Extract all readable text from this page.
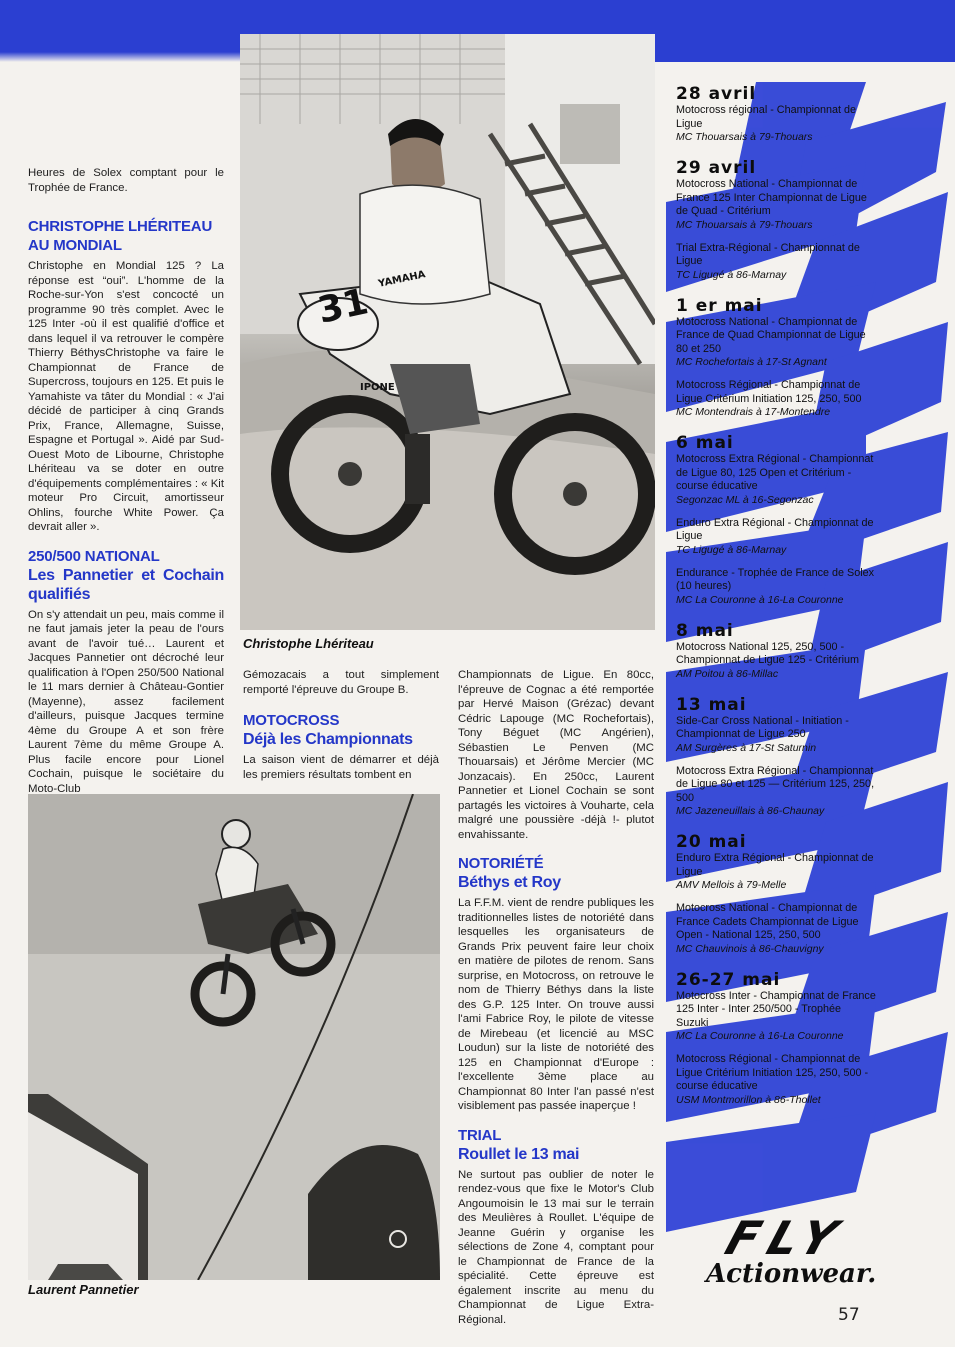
31
YAMAHA
IPONE
Christophe Lhériteau
Laurent Pannetier

Heures de Solex comptant pour le Trophée de France.

CHRISTOPHE LHÉRITEAU
AU MONDIAL

Christophe en Mondial 125 ? La réponse est “oui”. L'homme de la Roche-sur-Yon s'est concocté un programme 90 très complet. Avec le 125 Inter -où il est qualifié d'office et dans lequel il va retrouver le compère Thierry BéthysChristophe va faire le Championnat de France de Supercross, toujours en 125. Et puis le Yamahiste va tâter du Mondial : « J'ai décidé de participer à cinq Grands Prix, France, Allemagne, Suisse, Espagne et Portugal ». Aidé par Sud-Ouest Moto de Libourne, Christophe Lhériteau va se doter en outre d'équipements complémentaires : « Kit moteur Pro Circuit, amortisseur Ohlins, fourche White Power. Ça devrait aller ».

250/500 NATIONAL
Les Pannetier et Cochain qualifiés

On s'y attendait un peu, mais comme il ne faut jamais jeter la peau de l'ours avant de l'avoir tué… Laurent et Jacques Pannetier ont décroché leur qualification à l'Open 250/500 National le 11 mars dernier à Château-Gontier (Mayenne), assez facilement d'ailleurs, puisque Jacques termine 4ème du Groupe A et son frère Laurent 7ème du même Groupe A. Plus facile encore pour Lionel Cochain, puisque le sociétaire du Moto-Club

Gémozacais a tout simplement remporté l'épreuve du Groupe B.

MOTOCROSS
Déjà les Championnats

La saison vient de démarrer et déjà les premiers résultats tombent en

Championnats de Ligue. En 80cc, l'épreuve de Cognac a été remportée par Hervé Maison (Grézac) devant Cédric Lapouge (MC Rochefortais), Tony Béguet (MC Angérien), Sébastien Le Penven (MC Thouarsais) et Jérôme Mercier (MC Jonzacais). En 250cc, Laurent Pannetier et Lionel Cochain se sont partagés les victoires à Vouharte, cela malgré une poussière -déjà !- plutot envahissante.

NOTORIÉTÉ
Béthys et Roy

La F.F.M. vient de rendre publiques les traditionnelles listes de notoriété dans lesquelles les organisateurs de Grands Prix peuvent faire leur choix en matière de pilotes de renom. Sans surprise, en Motocross, on retrouve le nom de Thierry Béthys dans la liste des G.P. 125 Inter. On trouve aussi l'ami Fabrice Roy, le pilote de vitesse de Mirebeau (et licencié au MSC Loudun) sur la liste de notoriété des 125 en Championnat d'Europe : l'excellente 3ème place au Championnat 80 Inter l'an passé n'est visiblement pas passée inaperçue !

TRIAL
Roullet le 13 mai

Ne surtout pas oublier de noter le rendez-vous que fixe le Motor's Club Angoumoisin le 13 mai sur le terrain des Meulières à Roullet. L'équipe de Jeanne Guérin y organise les sélections de Zone 4, comptant pour le Championnat de France de la spécialité. Cette épreuve est également inscrite au menu du Championnat de Ligue Extra-Régional.

28 avril

Motocross régional - Championnat de Ligue

MC Thouarsais à 79-Thouars

29 avril

Motocross National - Championnat de France 125 Inter Championnat de Ligue de Quad - Critérium

MC Thouarsais à 79-Thouars

Trial Extra-Régional - Championnat de Ligue

TC Ligugé à 86-Marnay

1 er mai

Motocross National - Championnat de France de Quad Championnat de Ligue 80 et 250

MC Rochefortais à 17-St Agnant

Motocross Régional - Championnat de Ligue Critérium Initiation 125, 250, 500

MC Montendrais à 17-Montendre

6 mai

Motocross Extra Régional - Championnat de Ligue 80, 125 Open et Critérium - course éducative

Segonzac ML à 16-Segonzac

Enduro Extra Régional - Championnat de Ligue

TC Ligugé à 86-Marnay

Endurance - Trophée de France de Solex (10 heures)

MC La Couronne à 16-La Couronne

8 mai

Motocross National 125, 250, 500 - Championnat de Ligue 125 - Critérium

AM Poitou à 86-Millac

13 mai

Side-Car Cross National - Initiation - Championnat de Ligue 250

AM Surgères à 17-St Saturnin

Motocross Extra Régional - Championnat de Ligue 80 et 125 — Critérium 125, 250, 500

MC Jazeneuillais à 86-Chaunay

20 mai

Enduro Extra Régional - Championnat de Ligue

AMV Mellois à 79-Melle

Motocross National - Championnat de France Cadets Championnat de Ligue Open - National 125, 250, 500

MC Chauvinois à 86-Chauvigny

26-27 mai

Motocross Inter - Championnat de France 125 Inter - Inter 250/500 - Trophée Suzuki

MC La Couronne à 16-La Couronne

Motocross Régional - Championnat de Ligue Critérium Initiation 125, 250, 500 - course éducative

USM Montmorillon à 86-Thollet

FLY
Actionwear.
57
